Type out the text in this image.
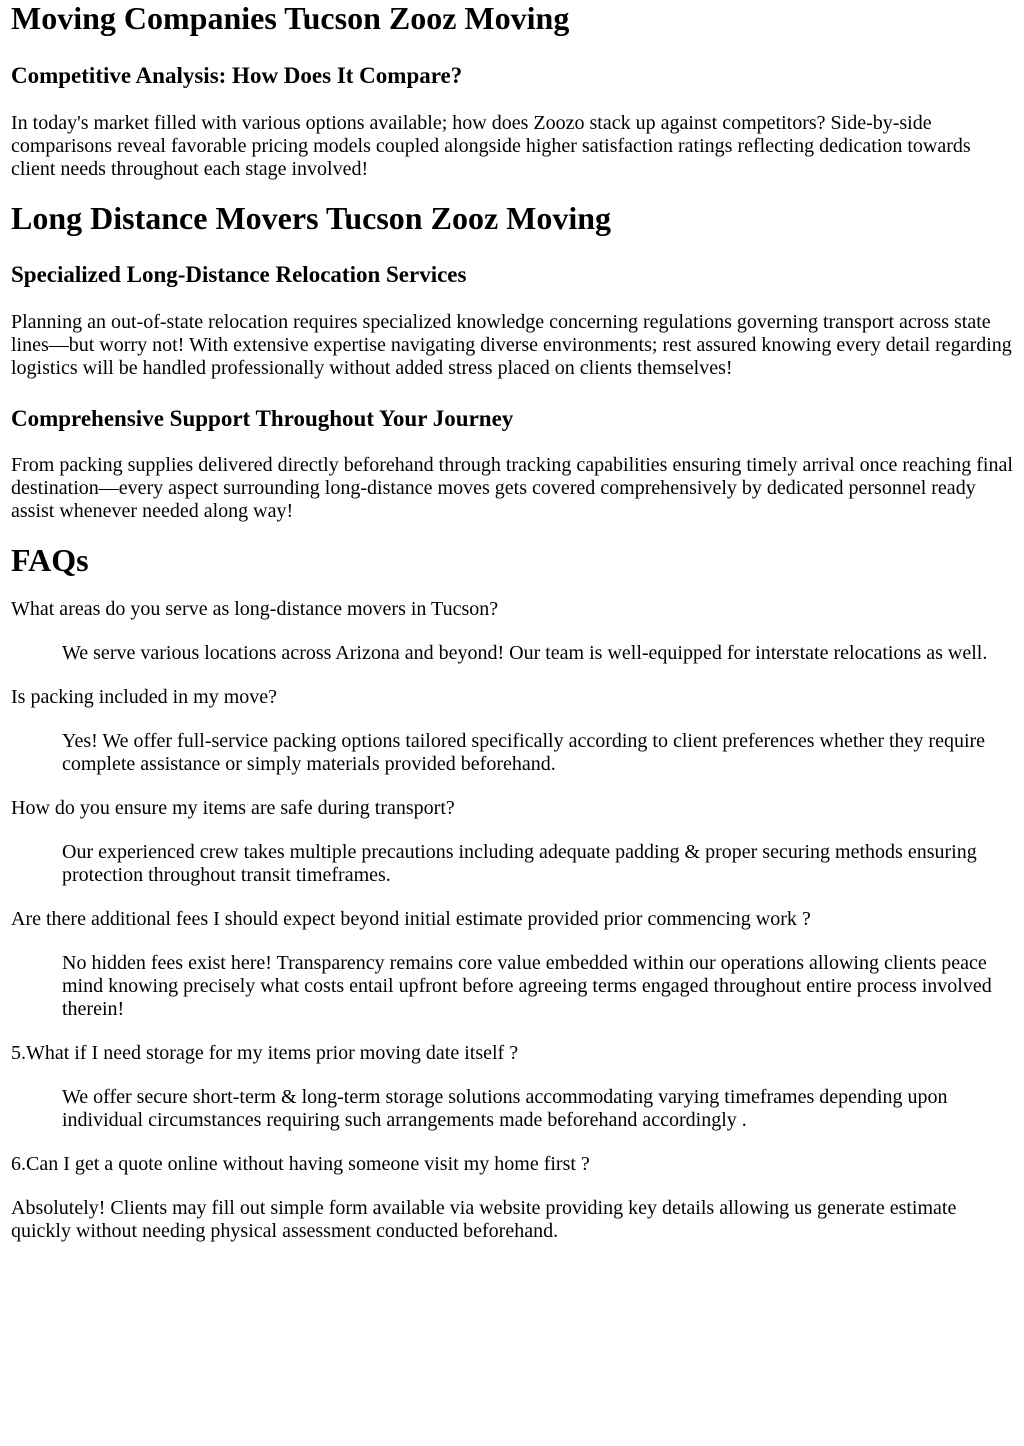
Moving Companies Tucson Zooz Moving
Competitive Analysis: How Does It Compare?

In today's market filled with various options available; how does Zoozo stack up against competitors? Side-by-side comparisons reveal favorable pricing models coupled alongside higher satisfaction ratings reflecting dedication towards client needs throughout each stage involved!

Long Distance Movers Tucson Zooz Moving
Specialized Long-Distance Relocation Services

Planning an out-of-state relocation requires specialized knowledge concerning regulations governing transport across state lines—but worry not! With extensive expertise navigating diverse environments; rest assured knowing every detail regarding logistics will be handled professionally without added stress placed on clients themselves!

Comprehensive Support Throughout Your Journey

From packing supplies delivered directly beforehand through tracking capabilities ensuring timely arrival once reaching final destination—every aspect surrounding long-distance moves gets covered comprehensively by dedicated personnel ready assist whenever needed along way!

FAQs

What areas do you serve as long-distance movers in Tucson?

We serve various locations across Arizona and beyond! Our team is well-equipped for interstate relocations as well.

Is packing included in my move?

Yes! We offer full-service packing options tailored specifically according to client preferences whether they require complete assistance or simply materials provided beforehand.

How do you ensure my items are safe during transport?

Our experienced crew takes multiple precautions including adequate padding & proper securing methods ensuring protection throughout transit timeframes.

Are there additional fees I should expect beyond initial estimate provided prior commencing work ?

No hidden fees exist here! Transparency remains core value embedded within our operations allowing clients peace mind knowing precisely what costs entail upfront before agreeing terms engaged throughout entire process involved therein!

5.What if I need storage for my items prior moving date itself ?

We offer secure short-term & long-term storage solutions accommodating varying timeframes depending upon individual circumstances requiring such arrangements made beforehand accordingly .

6.Can I get a quote online without having someone visit my home first ?

Absolutely! Clients may fill out simple form available via website providing key details allowing us generate estimate quickly without needing physical assessment conducted beforehand.
